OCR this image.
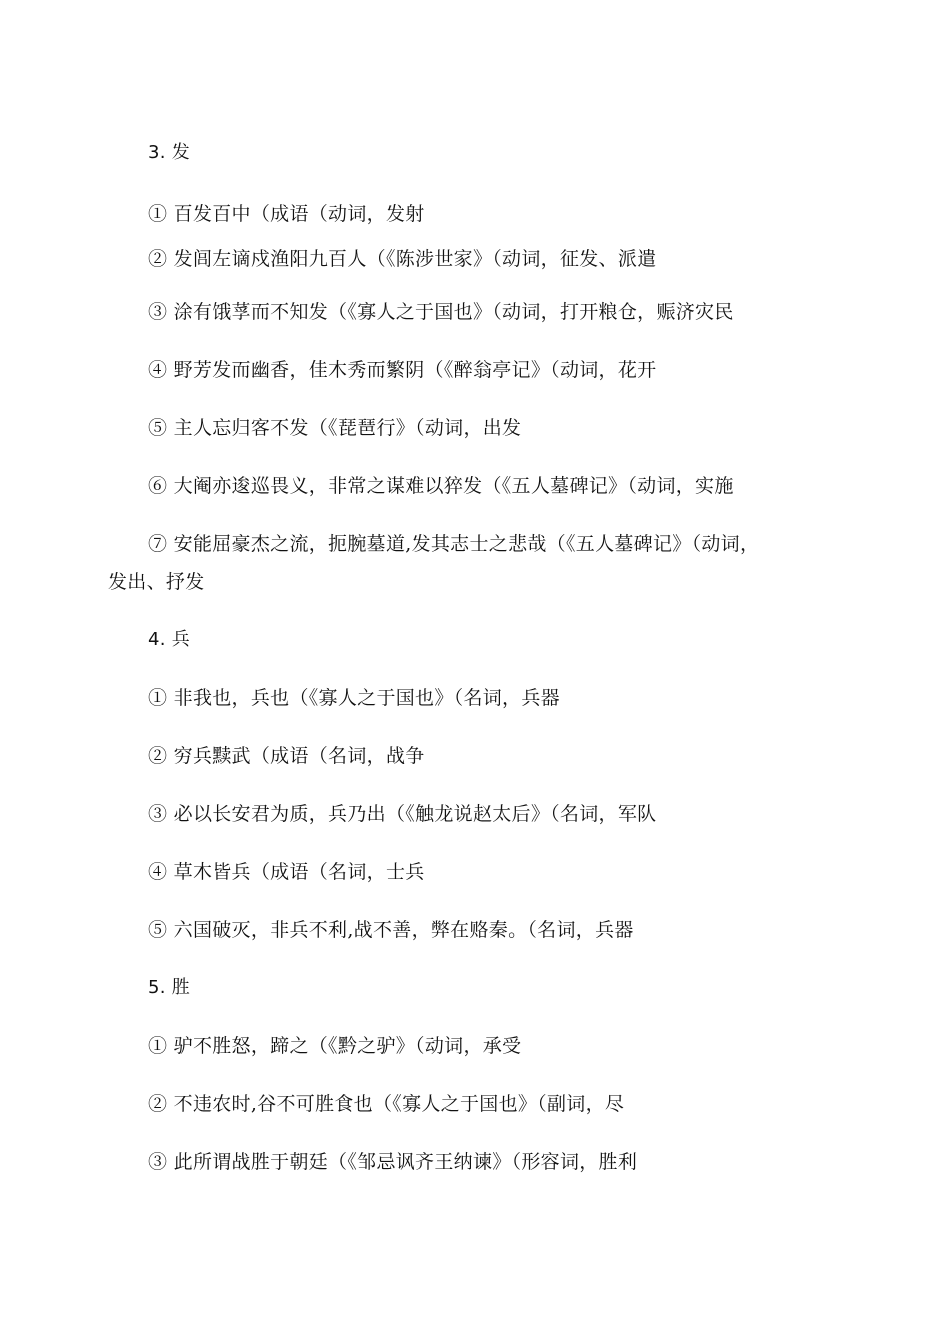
3. 发
① 百发百中（成语（动词，发射
② 发闾左谪戍渔阳九百人（《陈涉世家》（动词，征发、派遣
③ 涂有饿莩而不知发（《寡人之于国也》（动词，打开粮仓，赈济灾民
④ 野芳发而幽香，佳木秀而繁阴（《醉翁亭记》（动词，花开
⑤ 主人忘归客不发（《琵琶行》（动词，出发
⑥ 大阉亦逡巡畏义，非常之谋难以猝发（《五人墓碑记》（动词，实施
⑦ 安能屈豪杰之流，扼腕墓道,发其志士之悲哉（《五人墓碑记》（动词，
发出、抒发
4. 兵
① 非我也，兵也（《寡人之于国也》（名词，兵器
② 穷兵黩武（成语（名词，战争
③ 必以长安君为质，兵乃出（《触龙说赵太后》（名词，军队
④ 草木皆兵（成语（名词，士兵
⑤ 六国破灭，非兵不利,战不善，弊在赂秦。（名词，兵器
5. 胜
① 驴不胜怒，蹄之（《黔之驴》（动词，承受
② 不违农时,谷不可胜食也（《寡人之于国也》（副词，尽
③ 此所谓战胜于朝廷（《邹忌讽齐王纳谏》（形容词，胜利
